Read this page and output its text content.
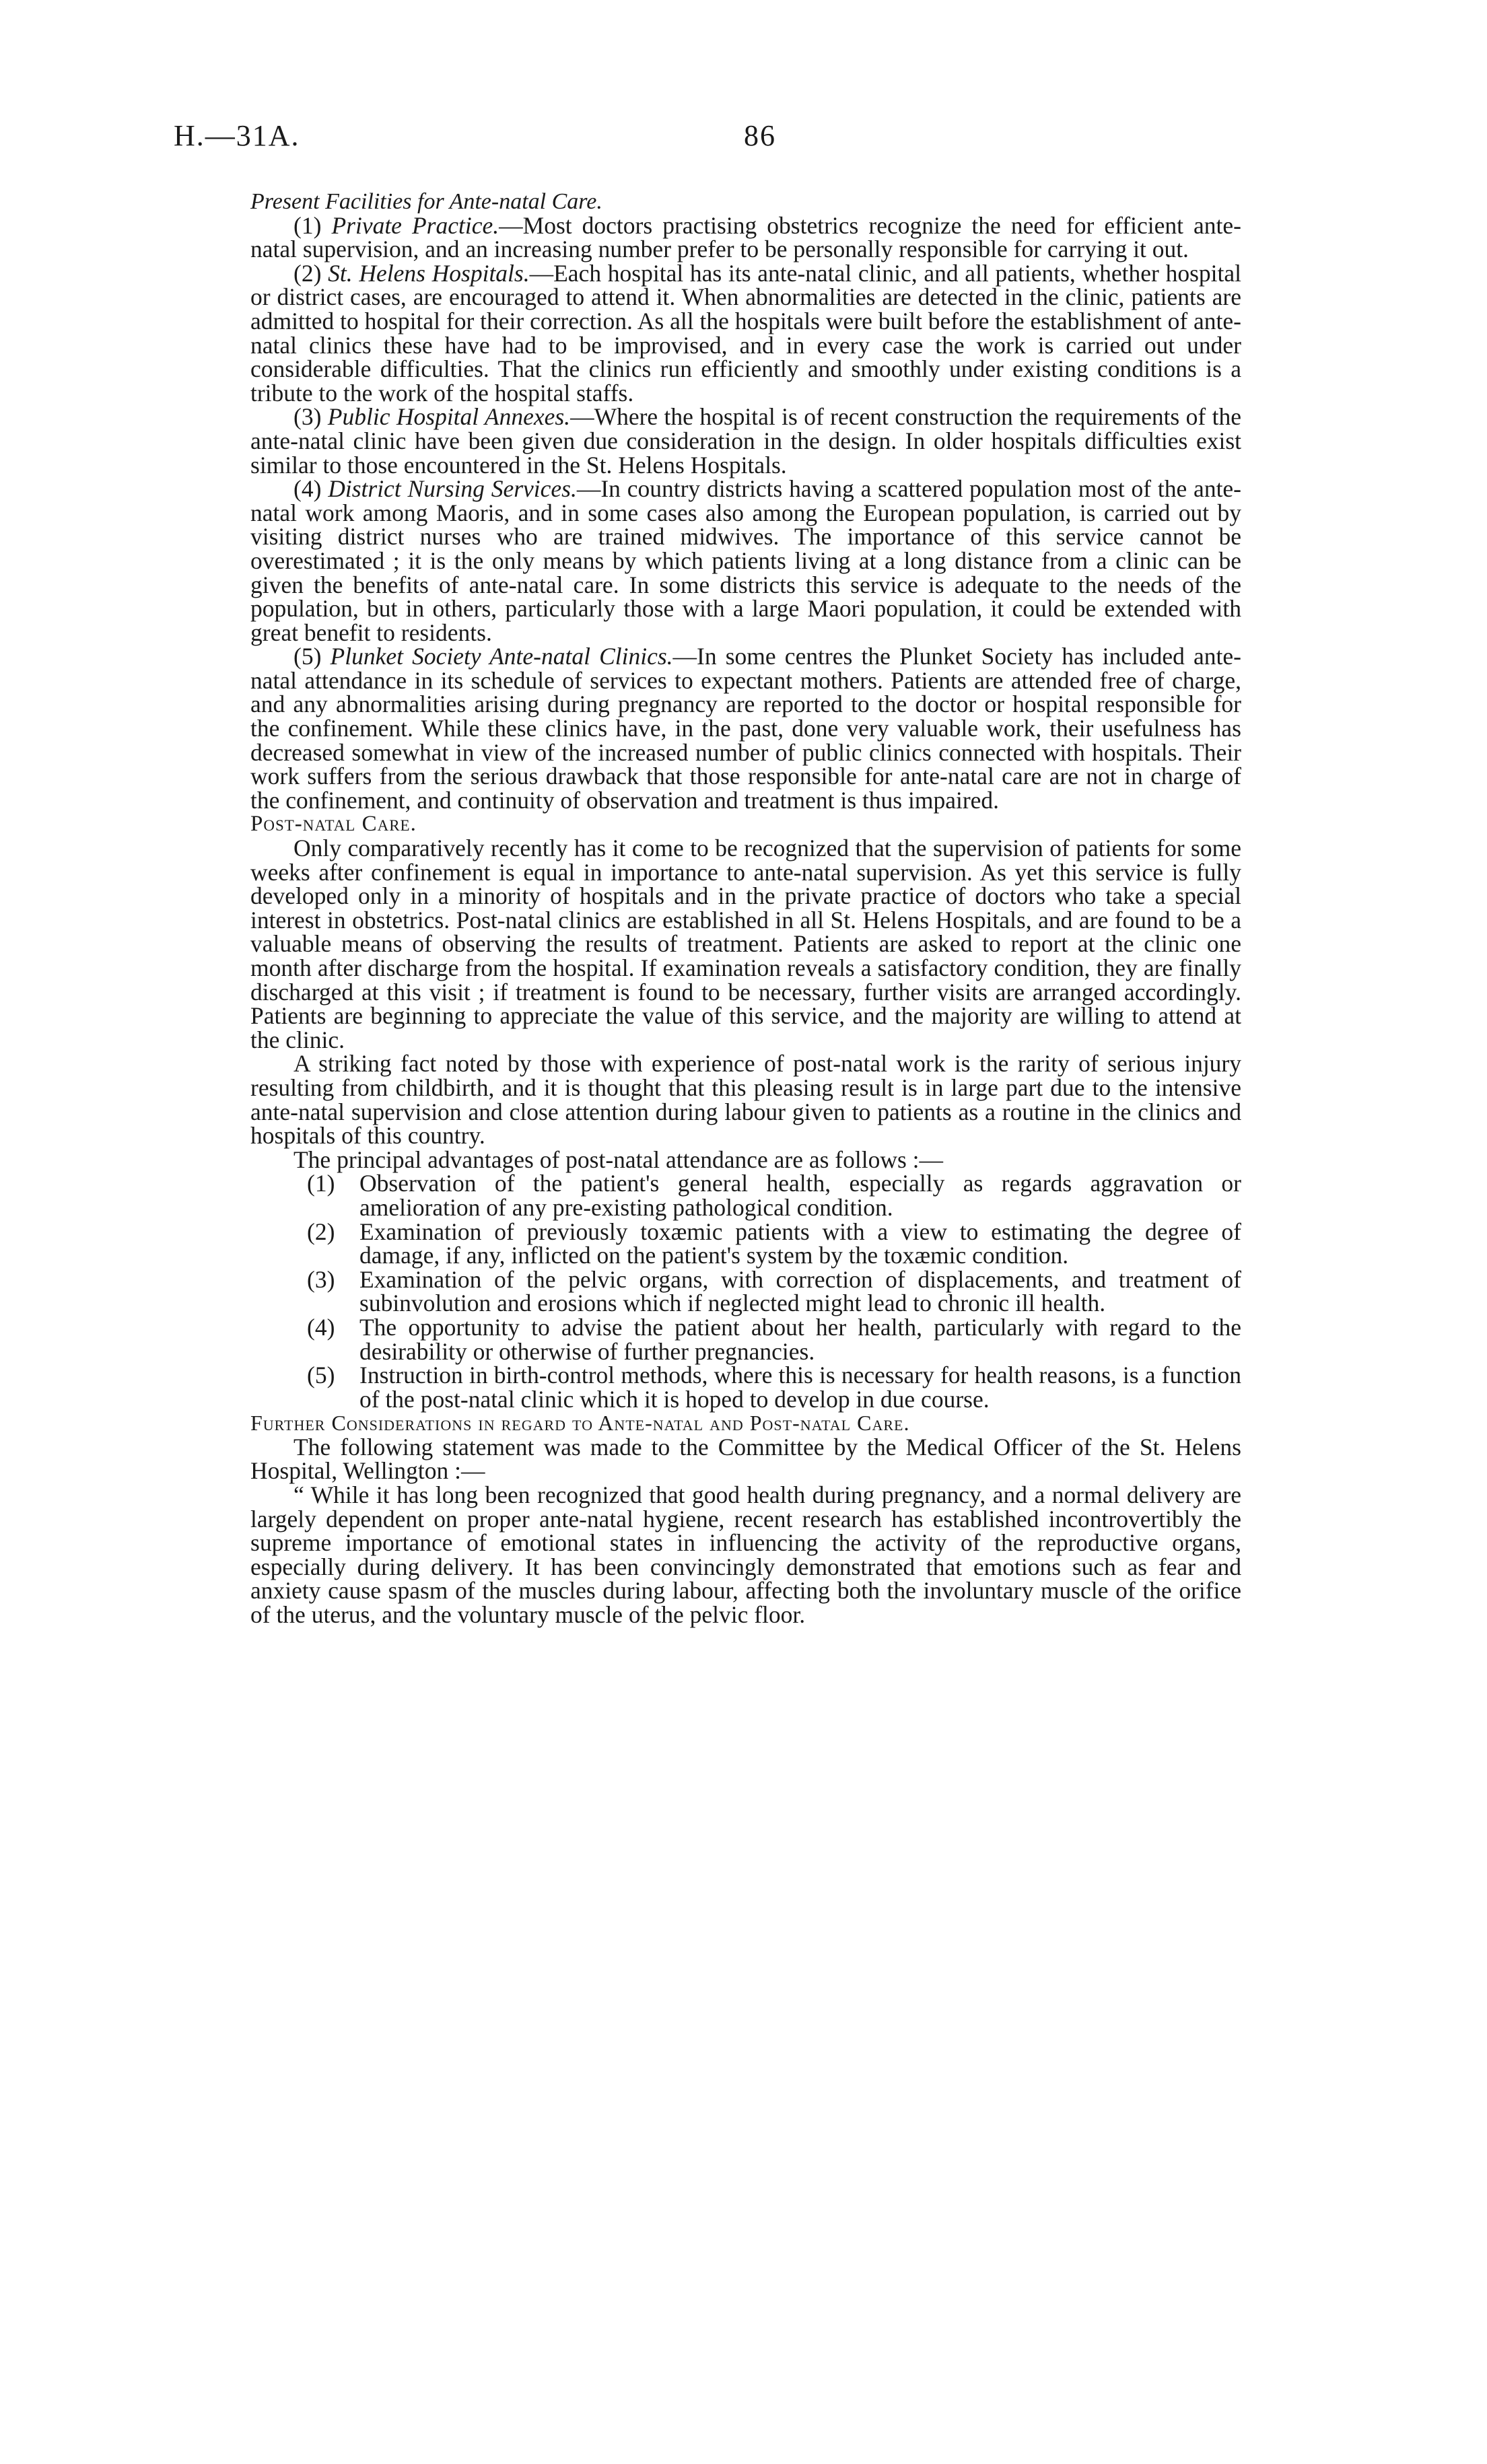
H.—31A.	86

Present Facilities for Ante-natal Care.

(1) Private Practice.—Most doctors practising obstetrics recognize the need for efficient ante-natal supervision, and an increasing number prefer to be personally responsible for carrying it out.

(2) St. Helens Hospitals.—Each hospital has its ante-natal clinic, and all patients, whether hospital or district cases, are encouraged to attend it. When abnormalities are detected in the clinic, patients are admitted to hospital for their correction. As all the hospitals were built before the establishment of ante-natal clinics these have had to be improvised, and in every case the work is carried out under considerable difficulties. That the clinics run efficiently and smoothly under existing conditions is a tribute to the work of the hospital staffs.

(3) Public Hospital Annexes.—Where the hospital is of recent construction the requirements of the ante-natal clinic have been given due consideration in the design. In older hospitals difficulties exist similar to those encountered in the St. Helens Hospitals.

(4) District Nursing Services.—In country districts having a scattered population most of the ante-natal work among Maoris, and in some cases also among the European population, is carried out by visiting district nurses who are trained midwives. The importance of this service cannot be overestimated ; it is the only means by which patients living at a long distance from a clinic can be given the benefits of ante-natal care. In some districts this service is adequate to the needs of the population, but in others, particularly those with a large Maori population, it could be extended with great benefit to residents.

(5) Plunket Society Ante-natal Clinics.—In some centres the Plunket Society has included ante-natal attendance in its schedule of services to expectant mothers. Patients are attended free of charge, and any abnormalities arising during pregnancy are reported to the doctor or hospital responsible for the confinement. While these clinics have, in the past, done very valuable work, their usefulness has decreased somewhat in view of the increased number of public clinics connected with hospitals. Their work suffers from the serious drawback that those responsible for ante-natal care are not in charge of the confinement, and continuity of observation and treatment is thus impaired.

Post-natal Care.

Only comparatively recently has it come to be recognized that the supervision of patients for some weeks after confinement is equal in importance to ante-natal supervision. As yet this service is fully developed only in a minority of hospitals and in the private practice of doctors who take a special interest in obstetrics. Post-natal clinics are established in all St. Helens Hospitals, and are found to be a valuable means of observing the results of treatment. Patients are asked to report at the clinic one month after discharge from the hospital. If examination reveals a satisfactory condition, they are finally discharged at this visit ; if treatment is found to be necessary, further visits are arranged accordingly. Patients are beginning to appreciate the value of this service, and the majority are willing to attend at the clinic.

A striking fact noted by those with experience of post-natal work is the rarity of serious injury resulting from childbirth, and it is thought that this pleasing result is in large part due to the intensive ante-natal supervision and close attention during labour given to patients as a routine in the clinics and hospitals of this country.

The principal advantages of post-natal attendance are as follows :—

(1)	Observation of the patient's general health, especially as regards aggravation or amelioration of any pre-existing pathological condition.
(2)	Examination of previously toxæmic patients with a view to estimating the degree of damage, if any, inflicted on the patient's system by the toxæmic condition.
(3)	Examination of the pelvic organs, with correction of displacements, and treatment of subinvolution and erosions which if neglected might lead to chronic ill health.
(4)	The opportunity to advise the patient about her health, particularly with regard to the desirability or otherwise of further pregnancies.
(5)	Instruction in birth-control methods, where this is necessary for health reasons, is a function of the post-natal clinic which it is hoped to develop in due course.

Further Considerations in regard to Ante-natal and Post-natal Care.

The following statement was made to the Committee by the Medical Officer of the St. Helens Hospital, Wellington :—

“ While it has long been recognized that good health during pregnancy, and a normal delivery are largely dependent on proper ante-natal hygiene, recent research has established incontrovertibly the supreme importance of emotional states in influencing the activity of the reproductive organs, especially during delivery. It has been convincingly demonstrated that emotions such as fear and anxiety cause spasm of the muscles during labour, affecting both the involuntary muscle of the orifice of the uterus, and the voluntary muscle of the pelvic floor.
